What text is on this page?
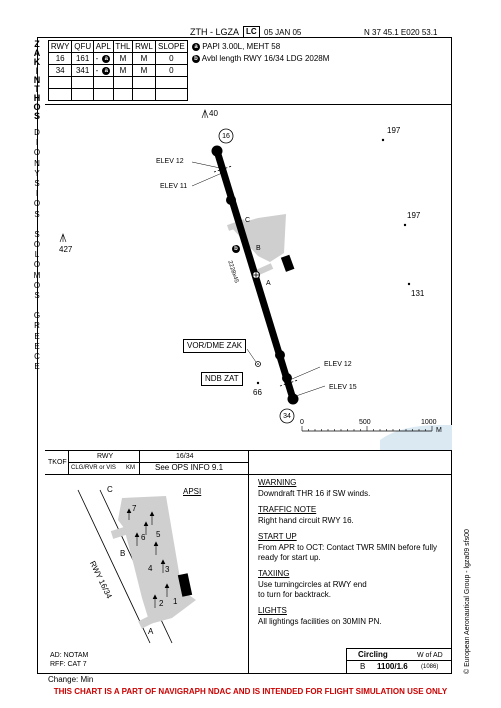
ZTH - LGZA LC 05 JAN 05	N 37 45.1 E020 53.1
Z
A
K
I
N
T
H
O
S
D
I
O
N
Y
S
I
O
S
S
O
L
O
M
O
S
G
R
E
E
C
E
RWY	QFU	APL		THL	RWL	SLOPE
16	161	-	a	M	M	0
34	341	-	a	M	M	0

a PAPI 3.00L, MEHT 58
b Avbl length RWY 16/34 LDG 2028M
40
197
197
427
131
66
16
34
ELEV 12
ELEV 11
ELEV 12
ELEV 15
C
B
A
b
2228x45
VOR/DME ZAK
NDB ZAT
0	500	1000
M
TKOF
RWY	16/34
CLG/RVR or VIS KM	See OPS INFO 9.1
APSI
C
B
A
RWY 16/34
7
6 5
4 3
2 1
AD: NOTAM
RFF: CAT 7
Change: Min
WARNING
Downdraft THR 16 if SW winds.
TRAFFIC NOTE
Right hand circuit RWY 16.
START UP
From APR to OCT: Contact TWR 5MIN before fully
ready for start up.
TAXIING
Use turningcircles at RWY end
to turn for backtrack.
LIGHTS
All lightings facilities on 30MIN PN.
Circling	W of AD
B 1100/1.6 (1086)	© European Aeronautical Group - lgza09 sfs00
THIS CHART IS A PART OF NAVIGRAPH NDAC AND IS INTENDED FOR FLIGHT SIMULATION USE ONLY
